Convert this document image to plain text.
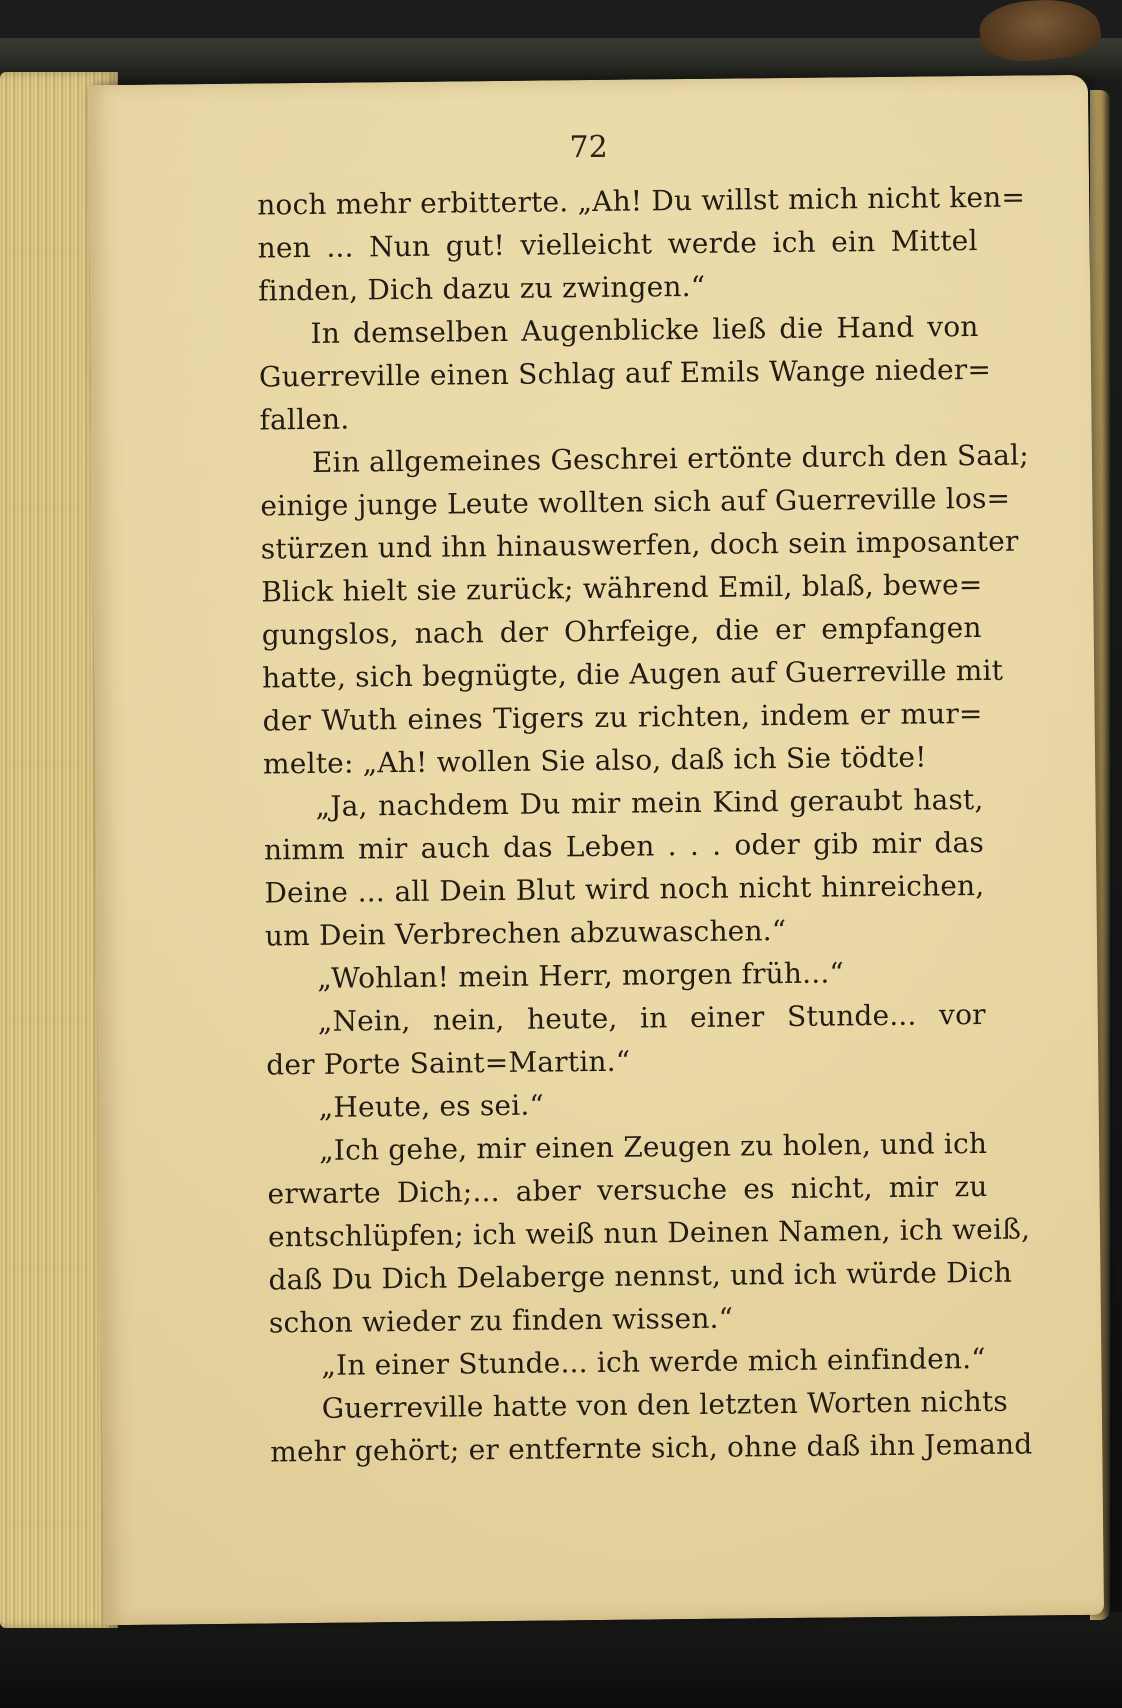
72
noch mehr erbitterte. „Ah! Du willst mich nicht ken=
nen ... Nun gut! vielleicht werde ich ein Mittel
finden, Dich dazu zu zwingen.“
In demselben Augenblicke ließ die Hand von
Guerreville einen Schlag auf Emils Wange nieder=
fallen.
Ein allgemeines Geschrei ertönte durch den Saal;
einige junge Leute wollten sich auf Guerreville los=
stürzen und ihn hinauswerfen, doch sein imposanter
Blick hielt sie zurück; während Emil, blaß, bewe=
gungslos, nach der Ohrfeige, die er empfangen
hatte, sich begnügte, die Augen auf Guerreville mit
der Wuth eines Tigers zu richten, indem er mur=
melte: „Ah! wollen Sie also, daß ich Sie tödte!
„Ja, nachdem Du mir mein Kind geraubt hast,
nimm mir auch das Leben . . . oder gib mir das
Deine ... all Dein Blut wird noch nicht hinreichen,
um Dein Verbrechen abzuwaschen.“
„Wohlan! mein Herr, morgen früh...“
„Nein, nein, heute, in einer Stunde... vor
der Porte Saint=Martin.“
„Heute, es sei.“
„Ich gehe, mir einen Zeugen zu holen, und ich
erwarte Dich;... aber versuche es nicht, mir zu
entschlüpfen; ich weiß nun Deinen Namen, ich weiß,
daß Du Dich Delaberge nennst, und ich würde Dich
schon wieder zu finden wissen.“
„In einer Stunde... ich werde mich einfinden.“
Guerreville hatte von den letzten Worten nichts
mehr gehört; er entfernte sich, ohne daß ihn Jemand
